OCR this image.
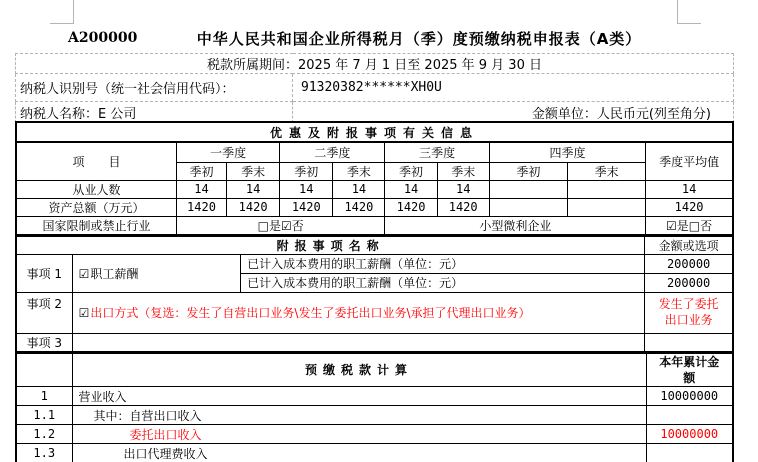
A200000	中华人民共和国企业所得税月（季）度预缴纳税申报表（A类）
税款所属期间：2025 年 7 月 1 日至 2025 年 9 月 30 日	
纳税人识别号（统一社会信用代码）：	91320382******XH0U
纳税人名称：E 公司	金额单位：人民币元(列至角分)
优惠及附报事项有关信息									
项　　目	一季度		二季度		三季度		四季度		季度平均值
	季初	季末	季初	季末	季初	季末	季初	季末	
从业人数	14	14	14	14	14	14			14
资产总额（万元）	1420	1420	1420	1420	1420	1420			1420
国家限制或禁止行业	□是☑否				小型微利企业				☑是□否
附报事项名称			金额或选项
事项 1	☑职工薪酬	已计入成本费用的职工薪酬（单位：元）	200000
		已计入成本费用的职工薪酬（单位：元）	200000
事项 2	☑出口方式（复选：发生了自营出口业务\发生了委托出口业务\承担了代理出口业务）		发生了委托出口业务
事项 3			
	预缴税款计算	本年累计金额
1	营业收入	10000000
1.1	其中：自营出口收入	
1.2	委托出口收入	10000000
1.3	出口代理费收入	
